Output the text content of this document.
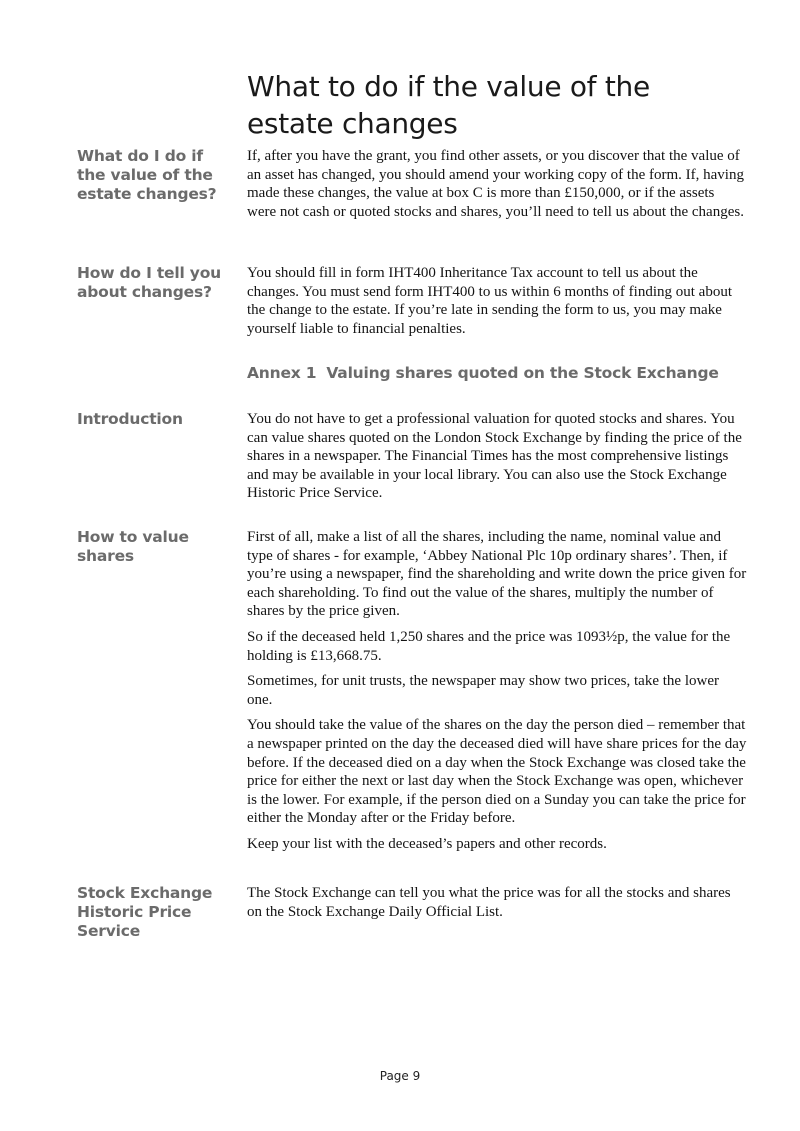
What to do if the value of the estate changes
What do I do if the value of the estate changes?

If, after you have the grant, you find other assets, or you discover that the value of an asset has changed, you should amend your working copy of the form. If, having made these changes, the value at box C is more than £150,000, or if the assets were not cash or quoted stocks and shares, you’ll need to tell us about the changes.

How do I tell you about changes?

You should fill in form IHT400 Inheritance Tax account to tell us about the changes. You must send form IHT400 to us within 6 months of finding out about the change to the estate. If you’re late in sending the form to us, you may make yourself liable to financial penalties.

Annex 1 Valuing shares quoted on the Stock Exchange
Introduction	You do not have to get a professional valuation for quoted stocks and shares. You can value shares quoted on the London Stock Exchange by finding the price of the shares in a newspaper. The Financial Times has the most comprehensive listings and may be available in your local library. You can also use the Stock Exchange Historic Price Service.

How to value shares

First of all, make a list of all the shares, including the name, nominal value and type of shares - for example, ‘Abbey National Plc 10p ordinary shares’. Then, if you’re using a newspaper, find the shareholding and write down the price given for each shareholding. To find out the value of the shares, multiply the number of shares by the price given.

So if the deceased held 1,250 shares and the price was 1093½p, the value for the holding is £13,668.75.

Sometimes, for unit trusts, the newspaper may show two prices, take the lower one.

You should take the value of the shares on the day the person died – remember that a newspaper printed on the day the deceased died will have share prices for the day before. If the deceased died on a day when the Stock Exchange was closed take the price for either the next or last day when the Stock Exchange was open, whichever is the lower. For example, if the person died on a Sunday you can take the price for either the Monday after or the Friday before.

Keep your list with the deceased’s papers and other records.

Stock Exchange Historic Price Service

The Stock Exchange can tell you what the price was for all the stocks and shares on the Stock Exchange Daily Official List.

Page 9
